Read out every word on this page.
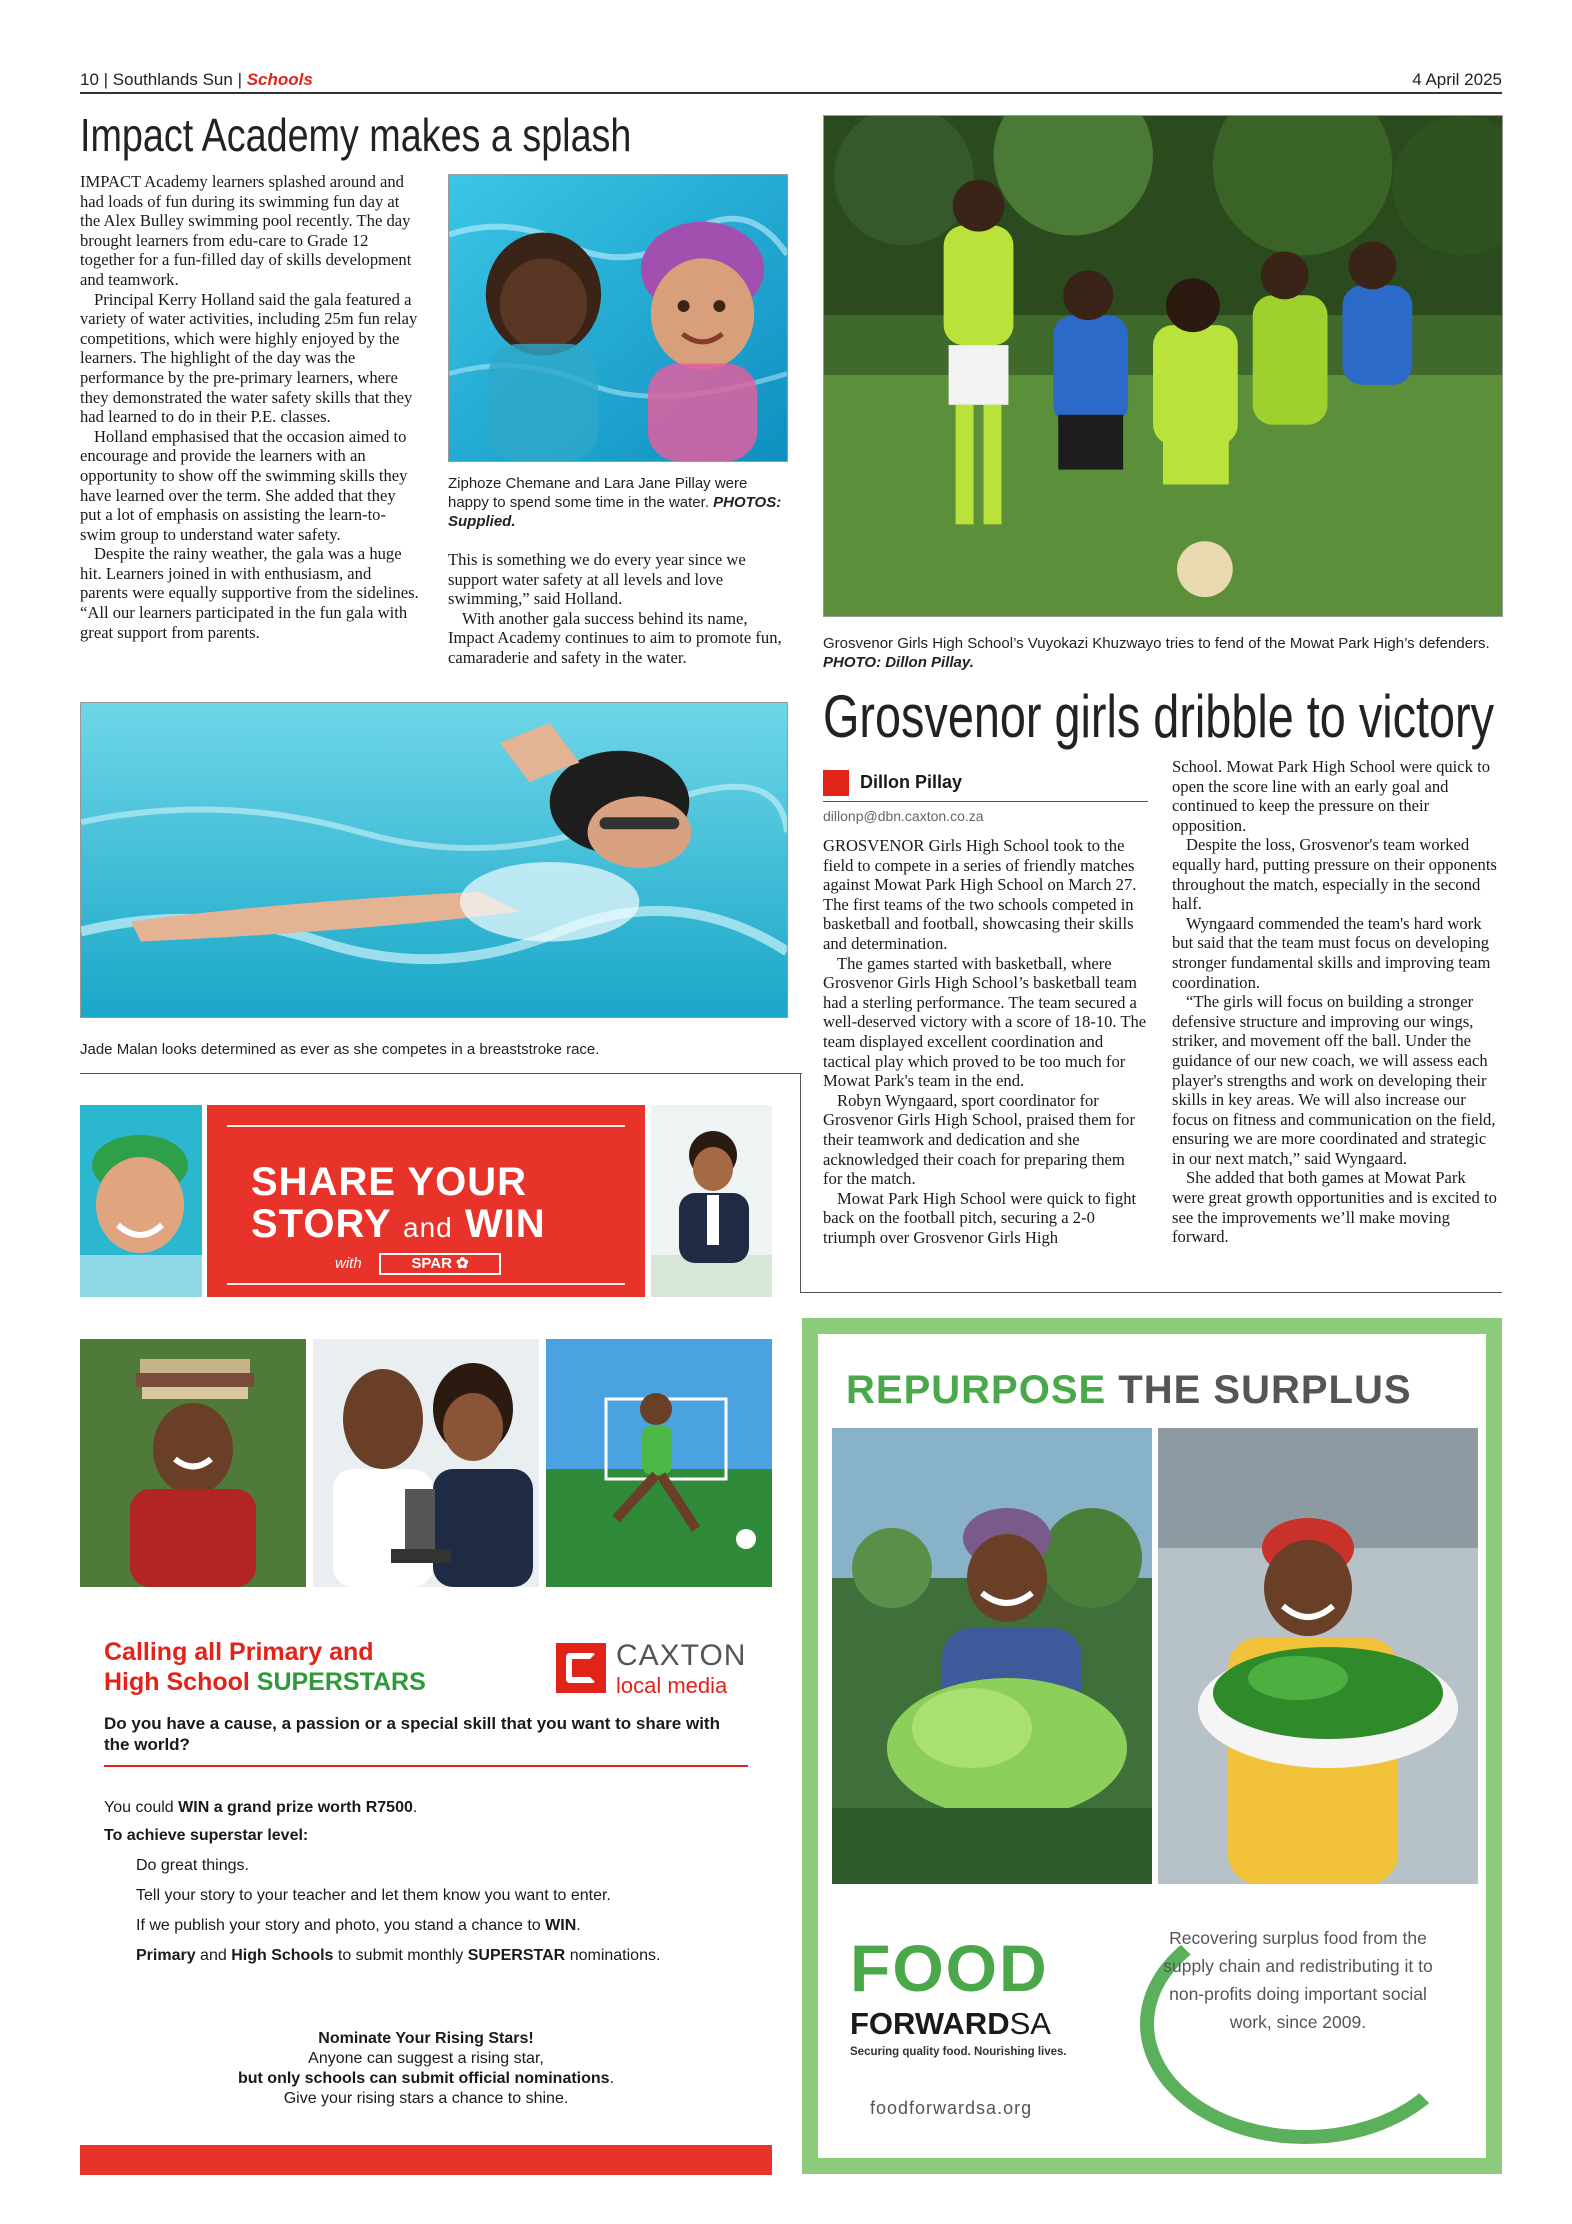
10 | Southlands Sun | Schools	4 April 2025
Impact Academy makes a splash

IMPACT Academy learners splashed around and had loads of fun during its swimming fun day at the Alex Bulley swimming pool recently. The day brought learners from edu-care to Grade 12 together for a fun-filled day of skills development and teamwork.

Principal Kerry Holland said the gala featured a variety of water activities, including 25m fun relay competitions, which were highly enjoyed by the learners. The highlight of the day was the performance by the pre-primary learners, where they demonstrated the water safety skills that they had learned to do in their P.E. classes.

Holland emphasised that the occasion aimed to encourage and provide the learners with an opportunity to show off the swimming skills they have learned over the term. She added that they put a lot of emphasis on assisting the learn-to-swim group to understand water safety.

Despite the rainy weather, the gala was a huge hit. Learners joined in with enthusiasm, and parents were equally supportive from the sidelines. “All our learners participated in the fun gala with great support from parents.

Ziphoze Chemane and Lara Jane Pillay were happy to spend some time in the water. PHOTOS: Supplied.

This is something we do every year since we support water safety at all levels and love swimming,” said Holland.

With another gala success behind its name, Impact Academy continues to aim to promote fun, camaraderie and safety in the water.

Jade Malan looks determined as ever as she competes in a breaststroke race.
Grosvenor Girls High School’s Vuyokazi Khuzwayo tries to fend of the Mowat Park High’s defenders. PHOTO: Dillon Pillay.
Grosvenor girls dribble to victory
Dillon Pillay
dillonp@dbn.caxton.co.za

GROSVENOR Girls High School took to the field to compete in a series of friendly matches against Mowat Park High School on March 27. The first teams of the two schools competed in basketball and football, showcasing their skills and determination.

The games started with basketball, where Grosvenor Girls High School’s basketball team had a sterling performance. The team secured a well-deserved victory with a score of 18-10. The team displayed excellent coordination and tactical play which proved to be too much for Mowat Park's team in the end.

Robyn Wyngaard, sport coordinator for Grosvenor Girls High School, praised them for their teamwork and dedication and she acknowledged their coach for preparing them for the match.

Mowat Park High School were quick to fight back on the football pitch, securing a 2-0 triumph over Grosvenor Girls High

School. Mowat Park High School were quick to open the score line with an early goal and continued to keep the pressure on their opposition.

Despite the loss, Grosvenor's team worked equally hard, putting pressure on their opponents throughout the match, especially in the second half.

Wyngaard commended the team's hard work but said that the team must focus on developing stronger fundamental skills and improving team coordination.

“The girls will focus on building a stronger defensive structure and improving our wings, striker, and movement off the ball. Under the guidance of our new coach, we will assess each player's strengths and work on developing their skills in key areas. We will also increase our focus on fitness and communication on the field, ensuring we are more coordinated and strategic in our next match,” said Wyngaard.

She added that both games at Mowat Park were great growth opportunities and is excited to see the improvements we’ll make moving forward.

SHARE YOUR
STORY and WIN
with	SPAR ✿
Calling all Primary and
High School SUPERSTARS
CAXTON
local media
Do you have a cause, a passion or a special skill that you want to share with the world?
You could WIN a grand prize worth R7500.
To achieve superstar level:
Do great things.
Tell your story to your teacher and let them know you want to enter.
If we publish your story and photo, you stand a chance to WIN.
Primary and High Schools to submit monthly SUPERSTAR nominations.
Nominate Your Rising Stars!
Anyone can suggest a rising star,
but only schools can submit official nominations.
Give your rising stars a chance to shine.
REPURPOSE THE SURPLUS
FOOD
FORWARDSA
Securing quality food. Nourishing lives.
Recovering surplus food from the supply chain and redistributing it to non-profits doing important social work, since 2009.
foodforwardsa.org
